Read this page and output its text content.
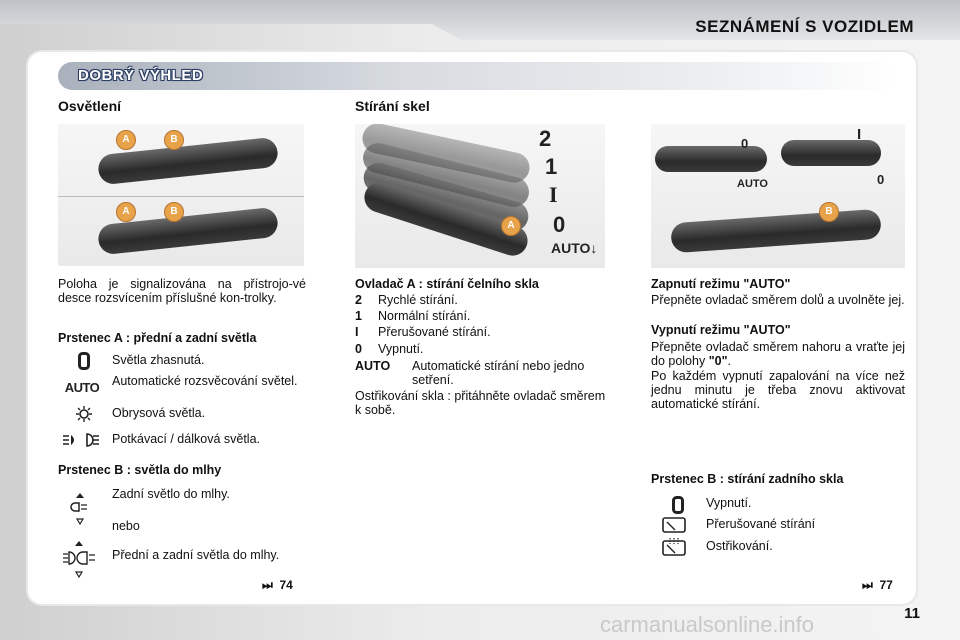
SEZNÁMENÍ S VOZIDLEM
DOBRÝ VÝHLED
Osvětlení
A	B
A	B
Poloha je signalizována na přístrojo-vé desce rozsvícením příslušné kon-trolky.
Prstenec A : přední a zadní světla
Světla zhasnutá.
AUTO Automatické rozsvěcování světel.
Obrysová světla.
Potkávací / dálková světla.
Prstenec B : světla do mlhy
Zadní světlo do mlhy.
nebo
Přední a zadní světla do mlhy.
⏭ 74
Stírání skel
A
2
1
I
0
AUTO↓
Ovladač A : stírání čelního skla
2 Rychlé stírání.
1 Normální stírání.
I Přerušované stírání.
0 Vypnutí.
AUTO Automatické stírání nebo jedno setření.
Ostřikování skla : přitáhněte ovladač směrem k sobě.
B
0
AUTO
I
0
Zapnutí režimu "AUTO"
Přepněte ovladač směrem dolů a uvolněte jej.
Vypnutí režimu "AUTO"
Přepněte ovladač směrem nahoru a vraťte jej do polohy "0".
Po každém vypnutí zapalování na více než jednu minutu je třeba znovu aktivovat automatické stírání.
Prstenec B : stírání zadního skla
Vypnutí.
Přerušované stírání
Ostřikování.
⏭ 77
11
carmanualsonline.info
